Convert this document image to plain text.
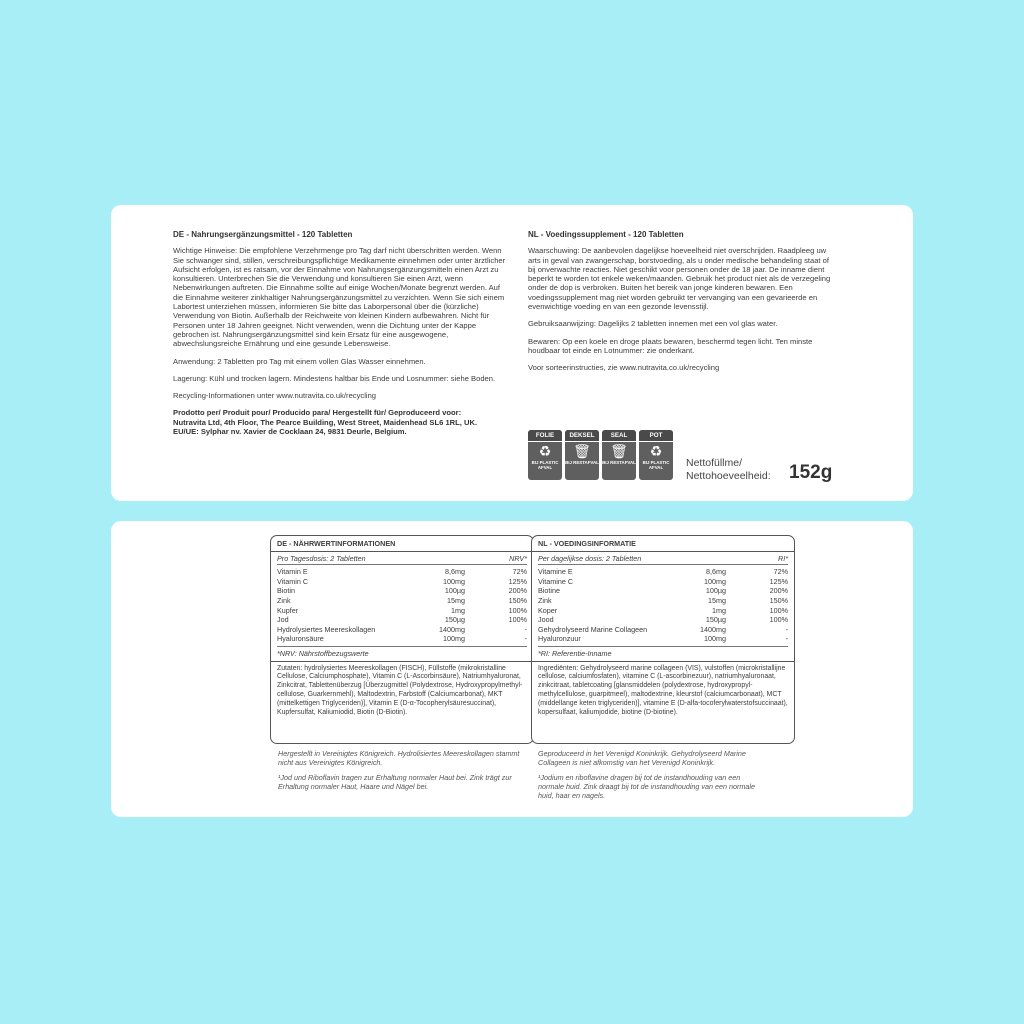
DE - Nahrungsergänzungsmittel - 120 Tabletten

Wichtige Hinweise: Die empfohlene Verzehrmenge pro Tag darf nicht überschritten werden. Wenn Sie schwanger sind, stillen, verschreibungspflichtige Medikamente einnehmen oder unter ärztlicher Aufsicht erfolgen, ist es ratsam, vor der Einnahme von Nahrungsergänzungsmitteln einen Arzt zu konsultieren. Unterbrechen Sie die Verwendung und konsultieren Sie einen Arzt, wenn Nebenwirkungen auftreten. Die Einnahme sollte auf einige Wochen/Monate begrenzt werden. Auf die Einnahme weiterer zinkhaltiger Nahrungsergänzungsmittel zu verzichten. Wenn Sie sich einem Labortest unterziehen müssen, informieren Sie bitte das Laborpersonal über die (kürzliche) Verwendung von Biotin. Außerhalb der Reichweite von kleinen Kindern aufbewahren. Nicht für Personen unter 18 Jahren geeignet. Nicht verwenden, wenn die Dichtung unter der Kappe gebrochen ist. Nahrungsergänzungsmittel sind kein Ersatz für eine ausgewogene, abwechslungsreiche Ernährung und eine gesunde Lebensweise.

Anwendung: 2 Tabletten pro Tag mit einem vollen Glas Wasser einnehmen.

Lagerung: Kühl und trocken lagern. Mindestens haltbar bis Ende und Losnummer: siehe Boden.

Recycling-Informationen unter www.nutravita.co.uk/recycling

Prodotto per/ Produit pour/ Producido para/ Hergestellt für/ Geproduceerd voor:
Nutravita Ltd, 4th Floor, The Pearce Building, West Street, Maidenhead SL6 1RL, UK.
EU/UE: Sylphar nv. Xavier de Cocklaan 24, 9831 Deurle, Belgium.

NL - Voedingssupplement - 120 Tabletten

Waarschuwing: De aanbevolen dagelijkse hoeveelheid niet overschrijden. Raadpleeg uw arts in geval van zwangerschap, borstvoeding, als u onder medische behandeling staat of bij onverwachte reacties. Niet geschikt voor personen onder de 18 jaar. De inname dient beperkt te worden tot enkele weken/maanden. Gebruik het product niet als de verzegeling onder de dop is verbroken. Buiten het bereik van jonge kinderen bewaren. Een voedingssupplement mag niet worden gebruikt ter vervanging van een gevarieerde en evenwichtige voeding en van een gezonde levensstijl.

Gebruiksaanwijzing: Dagelijks 2 tabletten innemen met een vol glas water.

Bewaren: Op een koele en droge plaats bewaren, beschermd tegen licht. Ten minste houdbaar tot einde en Lotnummer: zie onderkant.

Voor sorteerinstructies, zie www.nutravita.co.uk/recycling

FOLIE
♻
BIJ PLASTIC AFVAL
DEKSEL
🗑
BIJ RESTAFVAL
SEAL
🗑
BIJ RESTAFVAL
POT
♻
BIJ PLASTIC AFVAL	Nettofüllme/
Nettohoeveelheid: 152g
DE - NÄHRWERTINFORMATIONEN
Pro Tagesdosis: 2 Tabletten	NRV*
Vitamin E	8,6mg	72%
Vitamin C	100mg	125%
Biotin	100µg	200%
Zink	15mg	150%
Kupfer	1mg	100%
Jod	150µg	100%
Hydrolysiertes Meereskollagen	1400mg	-
Hyaluronsäure	100mg	-
*NRV: Nährstoffbezugswerte
Zutaten: hydrolysiertes Meereskollagen (FISCH), Füllstoffe (mikrokristalline Cellulose, Calciumphosphate), Vitamin C (L-Ascorbinsäure), Natriumhyaluronat, Zinkcitrat, Tablettenüberzug [Überzugmittel (Polydextrose, Hydroxypropylmethyl- cellulose, Guarkernmehl), Maltodextrin, Farbstoff (Calciumcarbonat), MKT (mittelkettigen Triglyceriden)], Vitamin E (D-α-Tocopherylsäuresuccinat), Kupfersulfat, Kaliumiodid, Biotin (D-Biotin).
NL - VOEDINGSINFORMATIE
Per dagelijkse dosis: 2 Tabletten	RI*
Vitamine E	8,6mg	72%
Vitamine C	100mg	125%
Biotine	100µg	200%
Zink	15mg	150%
Koper	1mg	100%
Jood	150µg	100%
Gehydrolyseerd Marine Collageen	1400mg	-
Hyaluronzuur	100mg	-
*RI: Referentie-Inname
Ingrediënten: Gehydrolyseerd marine collageen (VIS), vulstoffen (microkristallijne cellulose, calciumfosfaten), vitamine C (L-ascorbinezuur), natriumhyaluronaat, zinkcitraat, tabletcoating [glansmiddelen (polydextrose, hydroxypropyl-methylcellulose, guarpitmeel), maltodextrine, kleurstof (calciumcarbonaat), MCT (middellange keten triglyceriden)], vitamine E (D-alfa-tocoferylwaterstofsuccinaat), kopersulfaat, kaliumjodide, biotine (D-biotine).

Hergestellt in Vereinigtes Königreich. Hydrolisiertes Meereskollagen stammt nicht aus Vereinigtes Königreich.

¹Jod und Riboflavin tragen zur Erhaltung normaler Haut bei. Zink trägt zur Erhaltung normaler Haut, Haare und Nägel bei.

Geproduceerd in het Verenigd Koninkrijk. Gehydrolyseerd Marine Collageen is niet afkomstig van het Verenigd Koninkrijk.

¹Jodium en riboflavine dragen bij tot de instandhouding van een normale huid. Zink draagt bij tot de instandhouding van een normale huid, haar en nagels.
